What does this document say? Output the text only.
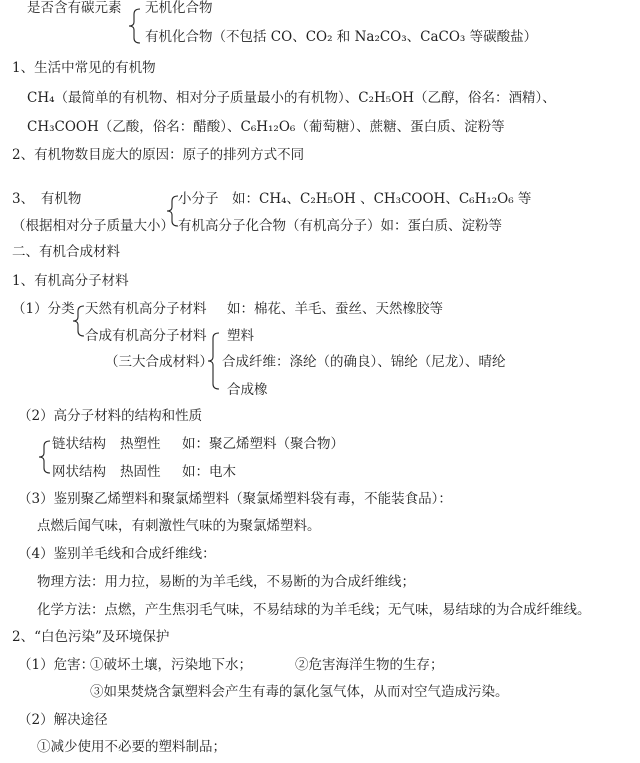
是否含有碳元素 无机化合物
有机化合物（不包括 CO、CO₂ 和 Na₂CO₃、CaCO₃ 等碳酸盐）
1、生活中常见的有机物
CH₄（最简单的有机物、相对分子质量最小的有机物）、C₂H₅OH（乙醇，俗名：酒精）、
CH₃COOH（乙酸，俗名：醋酸）、C₆H₁₂O₆（葡萄糖）、蔗糖、蛋白质、淀粉等
2、有机物数目庞大的原因：原子的排列方式不同
3、　有机物
（根据相对分子质量大小）
小分子　如：CH₄、C₂H₅OH 、CH₃COOH、C₆H₁₂O₆ 等
有机高分子化合物（有机高分子）如：蛋白质、淀粉等
二、有机合成材料
1、有机高分子材料
（1）分类 天然有机高分子材料 如：棉花、羊毛、蚕丝、天然橡胶等
合成有机高分子材料 塑料
（三大合成材料） 合成纤维：涤纶（的确良）、锦纶（尼龙）、晴纶
合成橡
（2）高分子材料的结构和性质
链状结构 热塑性 如：聚乙烯塑料（聚合物）
网状结构 热固性 如：电木
（3）鉴别聚乙烯塑料和聚氯烯塑料（聚氯烯塑料袋有毒，不能装食品）：
点燃后闻气味，有刺激性气味的为聚氯烯塑料。
（4）鉴别羊毛线和合成纤维线：
物理方法：用力拉，易断的为羊毛线，不易断的为合成纤维线；
化学方法：点燃，产生焦羽毛气味，不易结球的为羊毛线；无气味，易结球的为合成纤维线。
2、“白色污染”及环境保护
（1）危害：
①破坏土壤，污染地下水；	②危害海洋生物的生存；
③如果焚烧含氯塑料会产生有毒的氯化氢气体，从而对空气造成污染。
（2）解决途径
①减少使用不必要的塑料制品；
